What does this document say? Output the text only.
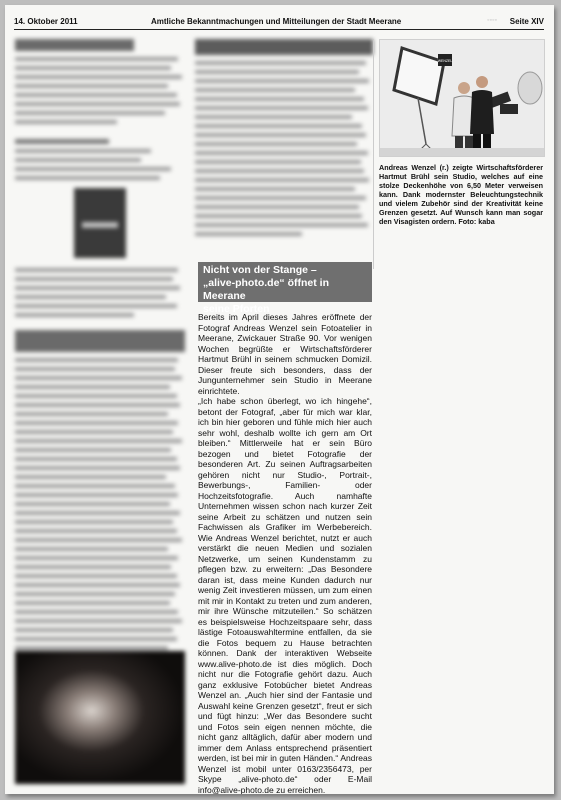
14. Oktober 2011	Amtliche Bekanntmachungen und Mitteilungen der Stadt Meerane	◦◦◦◦ Seite XIV
Nicht von der Stange –
„alive-photo.de“ öffnet in Meerane
seine Pforten

Bereits im April dieses Jahres eröffnete der Fotograf Andreas Wenzel sein Fotoatelier in Meerane, Zwickauer Straße 90. Vor wenigen Wochen begrüßte er Wirtschaftsförderer Hartmut Brühl in seinem schmucken Domizil. Dieser freute sich besonders, dass der Jungunternehmer sein Studio in Meerane einrichtete.

„Ich habe schon überlegt, wo ich hingehe“, betont der Fotograf, „aber für mich war klar, ich bin hier geboren und fühle mich hier auch sehr wohl, deshalb wollte ich gern am Ort bleiben.“ Mittlerweile hat er sein Büro bezogen und bietet Fotografie der besonderen Art. Zu seinen Auftragsarbeiten gehören nicht nur Studio-, Portrait-, Bewerbungs-, Familien- oder Hochzeitsfotografie. Auch namhafte Unternehmen wissen schon nach kurzer Zeit seine Arbeit zu schätzen und nutzen sein Fachwissen als Grafiker im Werbebereich. Wie Andreas Wenzel berichtet, nutzt er auch verstärkt die neuen Medien und sozialen Netzwerke, um seinen Kundenstamm zu pflegen bzw. zu erweitern: „Das Besondere daran ist, dass meine Kunden dadurch nur wenig Zeit investieren müssen, um zum einen mit mir in Kontakt zu treten und zum anderen, mir ihre Wünsche mitzuteilen.“ So schätzen es beispielsweise Hochzeitspaare sehr, dass lästige Fotoauswahltermine entfallen, da sie die Fotos bequem zu Hause betrachten können. Dank der interaktiven Webseite www.alive-photo.de ist dies möglich. Doch nicht nur die Fotografie gehört dazu. Auch ganz exklusive Fotobücher bietet Andreas Wenzel an. „Auch hier sind der Fantasie und Auswahl keine Grenzen gesetzt“, freut er sich und fügt hinzu: „Wer das Besondere sucht und Fotos sein eigen nennen möchte, die nicht ganz alltäglich, dafür aber modern und immer dem Anlass entsprechend präsentiert werden, ist bei mir in guten Händen.“ Andreas Wenzel ist mobil unter 0163/2356473, per Skype „alive-photo.de“ oder E-Mail info@alive-photo.de zu erreichen.

WENZEL
Andreas Wenzel (r.) zeigte Wirtschaftsförderer Hartmut Brühl sein Studio, welches auf eine stolze Deckenhöhe von 6,50 Meter verweisen kann. Dank modernster Beleuchtungstechnik und vielem Zubehör sind der Kreativität keine Grenzen gesetzt. Auf Wunsch kann man sogar den Visagisten ordern. Foto: kaba
